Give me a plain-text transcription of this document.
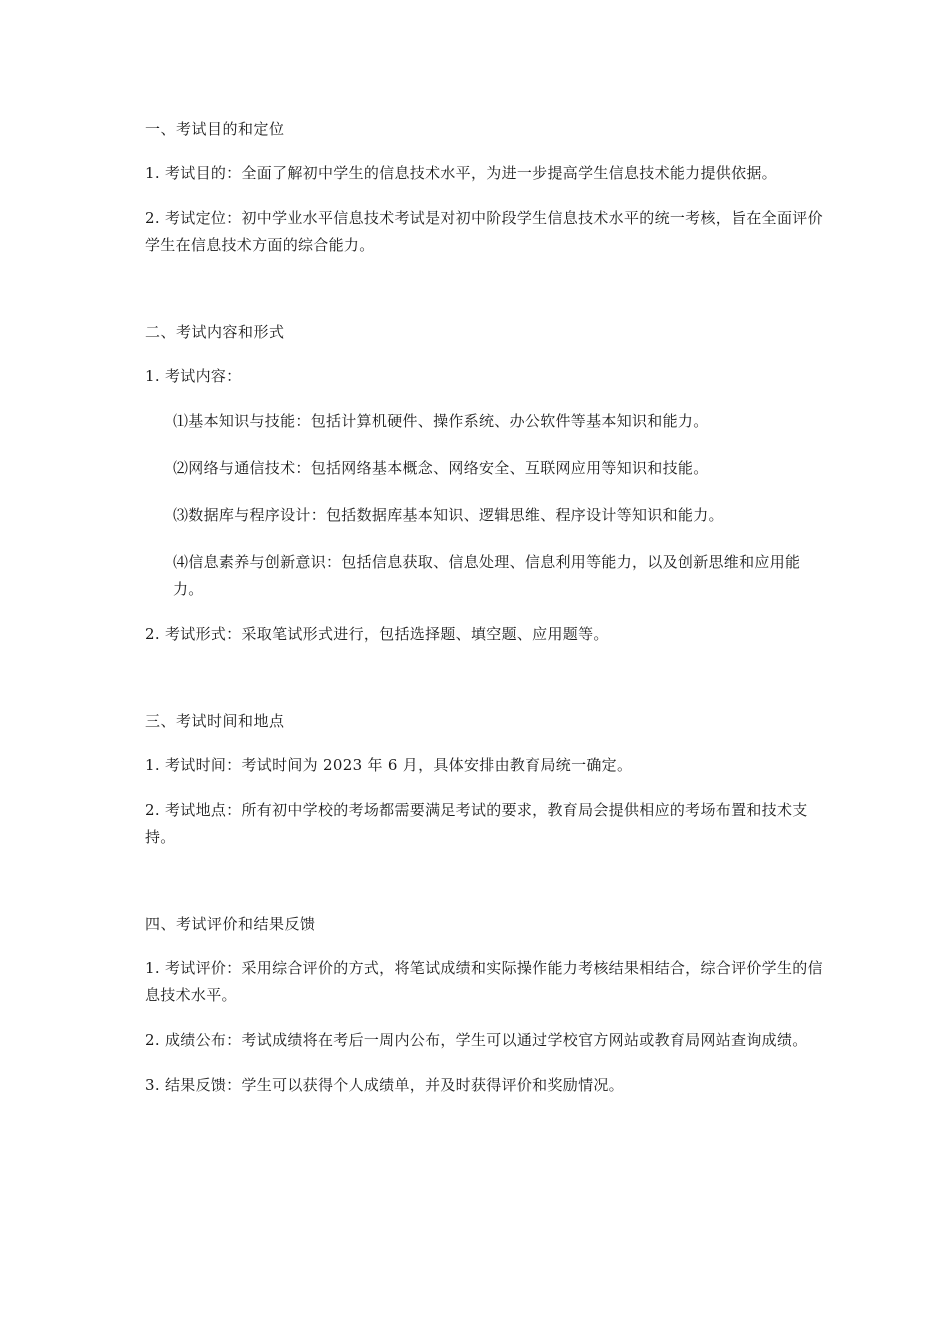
一、考试目的和定位

1. 考试目的：全面了解初中学生的信息技术水平，为进一步提高学生信息技术能力提供依据。

2. 考试定位：初中学业水平信息技术考试是对初中阶段学生信息技术水平的统一考核，旨在全面评价学生在信息技术方面的综合能力。

二、考试内容和形式

1. 考试内容：

⑴基本知识与技能：包括计算机硬件、操作系统、办公软件等基本知识和能力。

⑵网络与通信技术：包括网络基本概念、网络安全、互联网应用等知识和技能。

⑶数据库与程序设计：包括数据库基本知识、逻辑思维、程序设计等知识和能力。

⑷信息素养与创新意识：包括信息获取、信息处理、信息利用等能力，以及创新思维和应用能力。

2. 考试形式：采取笔试形式进行，包括选择题、填空题、应用题等。

三、考试时间和地点

1. 考试时间：考试时间为 2023 年 6 月，具体安排由教育局统一确定。

2. 考试地点：所有初中学校的考场都需要满足考试的要求，教育局会提供相应的考场布置和技术支持。

四、考试评价和结果反馈

1. 考试评价：采用综合评价的方式，将笔试成绩和实际操作能力考核结果相结合，综合评价学生的信息技术水平。

2. 成绩公布：考试成绩将在考后一周内公布，学生可以通过学校官方网站或教育局网站查询成绩。

3. 结果反馈：学生可以获得个人成绩单，并及时获得评价和奖励情况。
